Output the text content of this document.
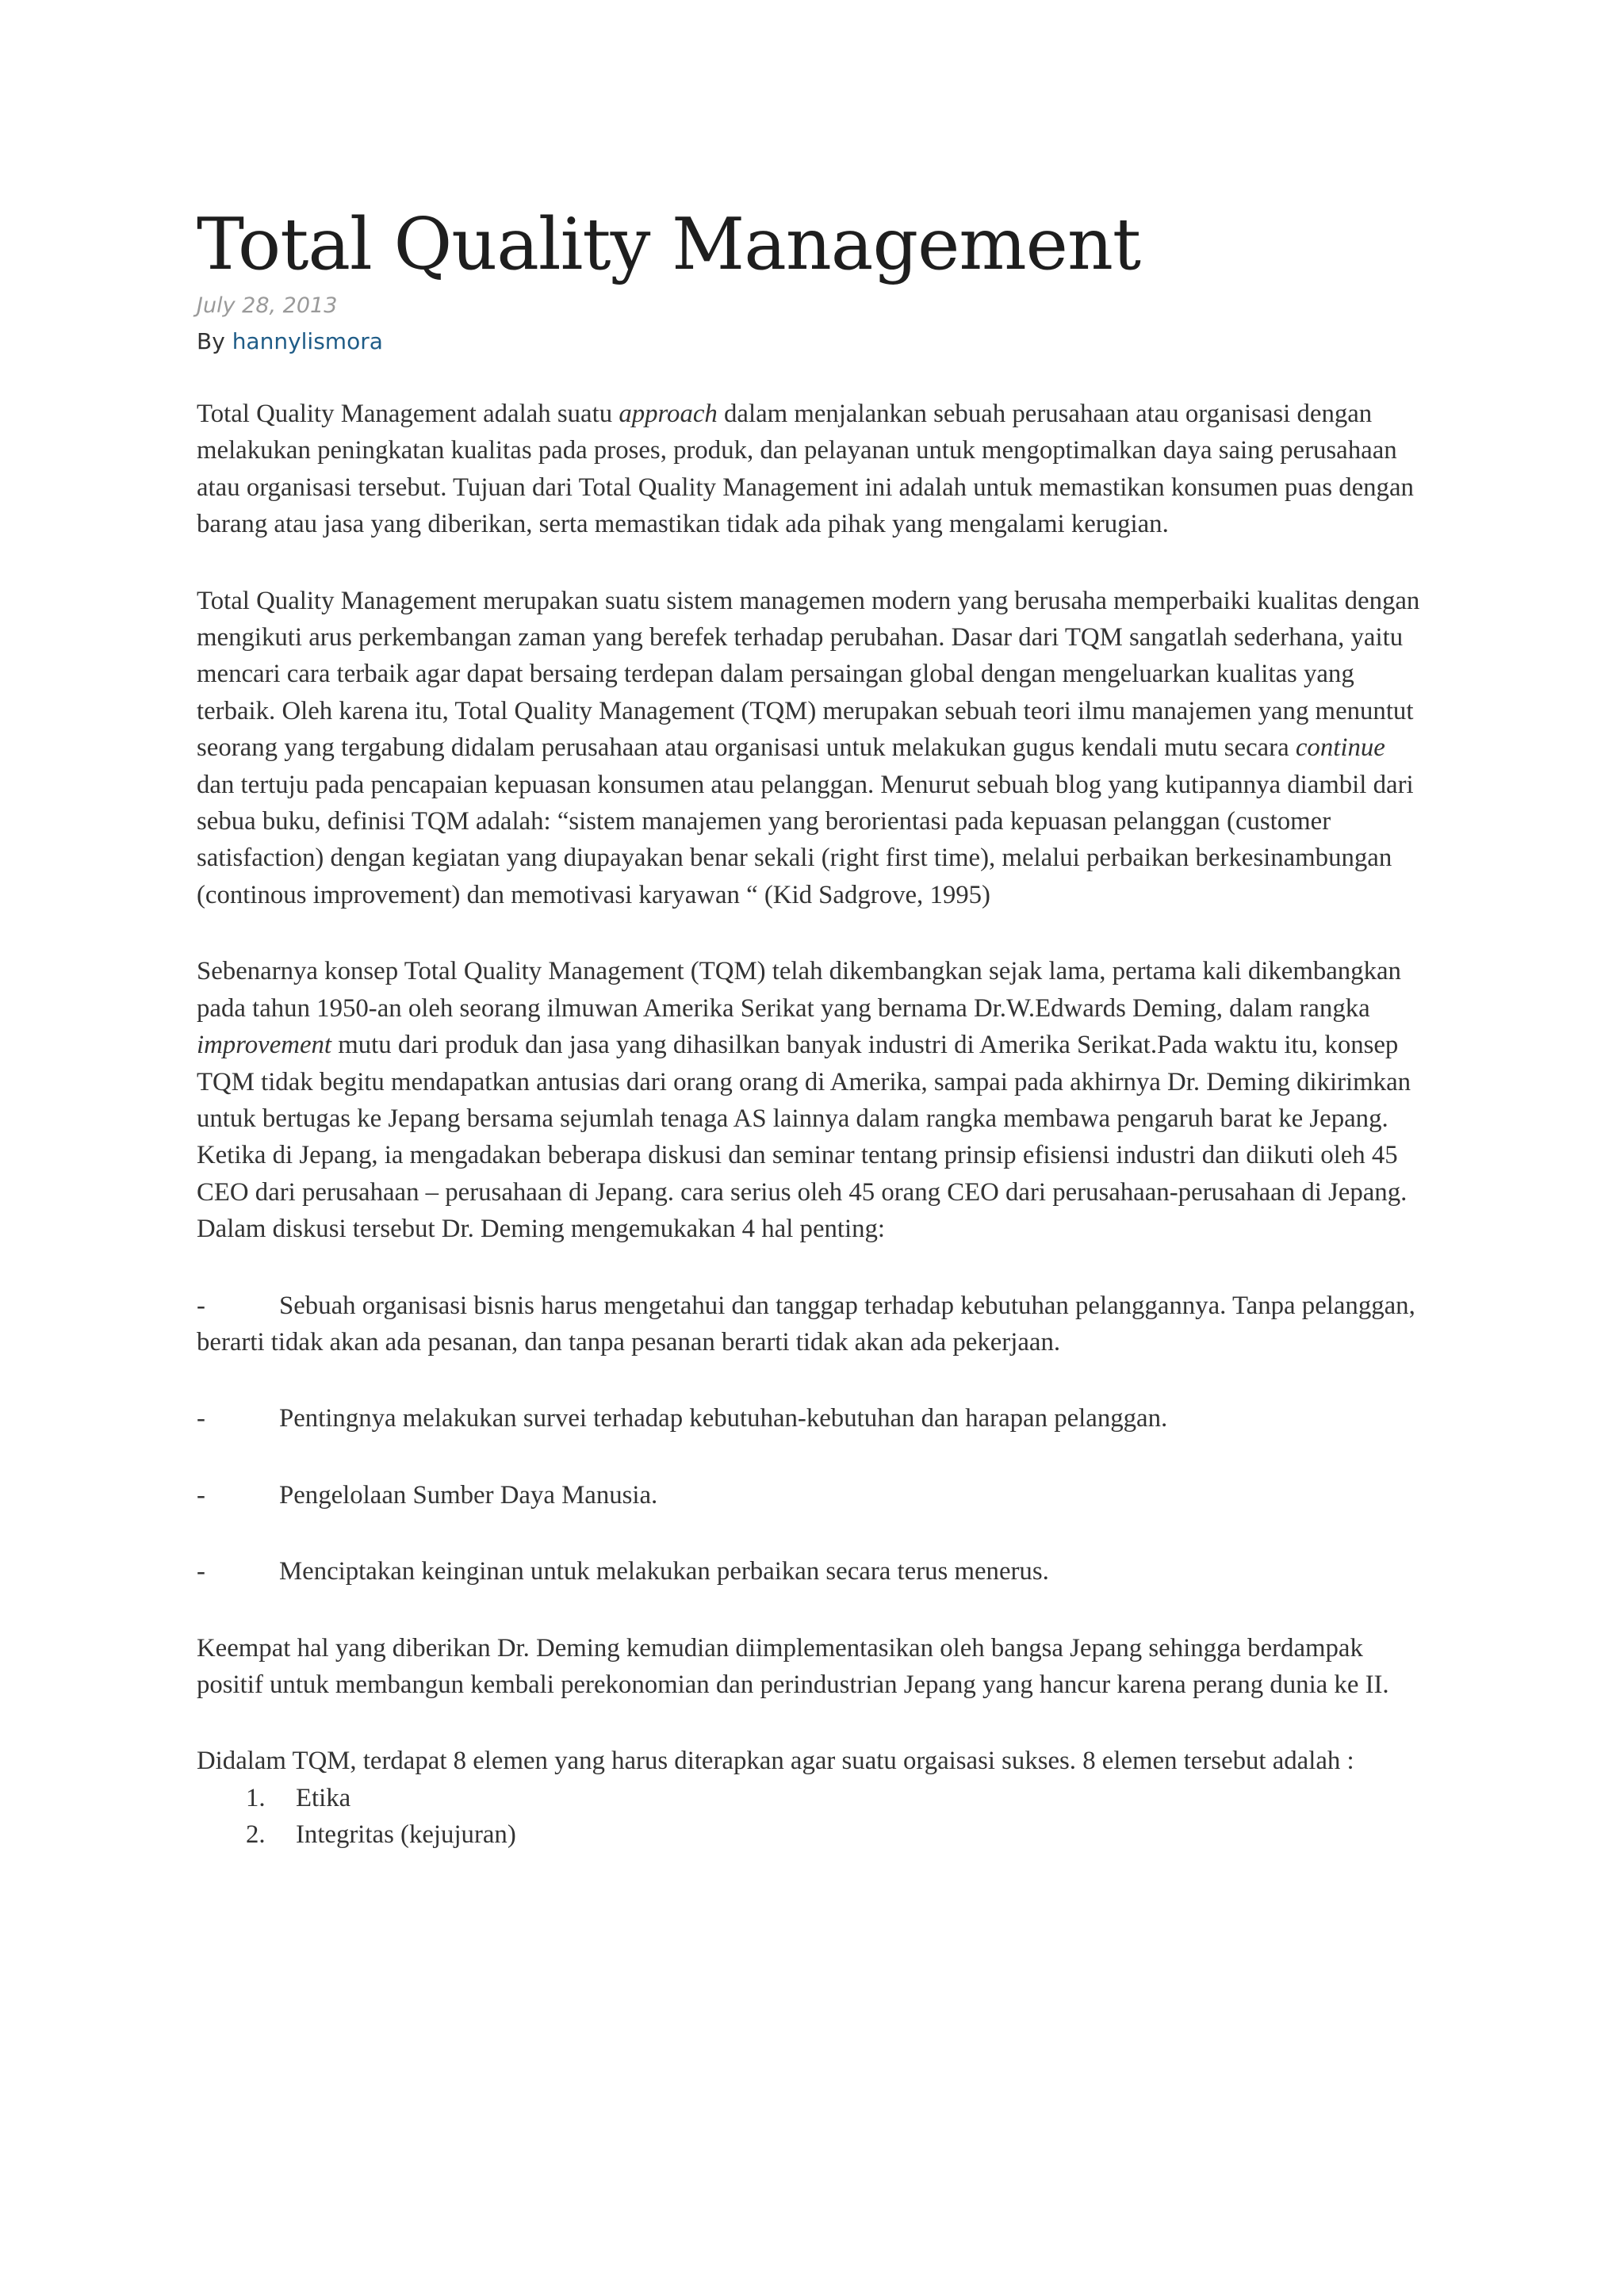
Total Quality Management
July 28, 2013
By hannylismora

Total Quality Management adalah suatu approach dalam menjalankan sebuah perusahaan atau organisasi dengan melakukan peningkatan kualitas pada proses, produk, dan pelayanan untuk mengoptimalkan daya saing perusahaan atau organisasi tersebut. Tujuan dari Total Quality Management ini adalah untuk memastikan konsumen puas dengan barang atau jasa yang diberikan, serta memastikan tidak ada pihak yang mengalami kerugian.

Total Quality Management merupakan suatu sistem managemen modern yang berusaha memperbaiki kualitas dengan mengikuti arus perkembangan zaman yang berefek terhadap perubahan. Dasar dari TQM sangatlah sederhana, yaitu mencari cara terbaik agar dapat bersaing terdepan dalam persaingan global dengan mengeluarkan kualitas yang terbaik. Oleh karena itu, Total Quality Management (TQM) merupakan sebuah teori ilmu manajemen yang menuntut seorang yang tergabung didalam perusahaan atau organisasi untuk melakukan gugus kendali mutu secara continue dan tertuju pada pencapaian kepuasan konsumen atau pelanggan. Menurut sebuah blog yang kutipannya diambil dari sebua buku, definisi TQM adalah: “sistem manajemen yang berorientasi pada kepuasan pelanggan (customer satisfaction) dengan kegiatan yang diupayakan benar sekali (right first time), melalui perbaikan berkesinambungan (continous improvement) dan memotivasi karyawan “ (Kid Sadgrove, 1995)

Sebenarnya konsep Total Quality Management (TQM) telah dikembangkan sejak lama, pertama kali dikembangkan pada tahun 1950-an oleh seorang ilmuwan Amerika Serikat yang bernama Dr.W.Edwards Deming, dalam rangka improvement mutu dari produk dan jasa yang dihasilkan banyak industri di Amerika Serikat.Pada waktu itu, konsep TQM tidak begitu mendapatkan antusias dari orang orang di Amerika, sampai pada akhirnya Dr. Deming dikirimkan untuk bertugas ke Jepang bersama sejumlah tenaga AS lainnya dalam rangka membawa pengaruh barat ke Jepang. Ketika di Jepang, ia mengadakan beberapa diskusi dan seminar tentang prinsip efisiensi industri dan diikuti oleh 45 CEO dari perusahaan – perusahaan di Jepang. cara serius oleh 45 orang CEO dari perusahaan-perusahaan di Jepang. Dalam diskusi tersebut Dr. Deming mengemukakan 4 hal penting:

-	Sebuah organisasi bisnis harus mengetahui dan tanggap terhadap kebutuhan pelanggannya. Tanpa pelanggan, berarti tidak akan ada pesanan, dan tanpa pesanan berarti tidak akan ada pekerjaan.

-	Pentingnya melakukan survei terhadap kebutuhan-kebutuhan dan harapan pelanggan.

-	Pengelolaan Sumber Daya Manusia.

-	Menciptakan keinginan untuk melakukan perbaikan secara terus menerus.

Keempat hal yang diberikan Dr. Deming kemudian diimplementasikan oleh bangsa Jepang sehingga berdampak positif untuk membangun kembali perekonomian dan perindustrian Jepang yang hancur karena perang dunia ke II.

Didalam TQM, terdapat 8 elemen yang harus diterapkan agar suatu orgaisasi sukses. 8 elemen tersebut adalah :

1. Etika
2. Integritas (kejujuran)
